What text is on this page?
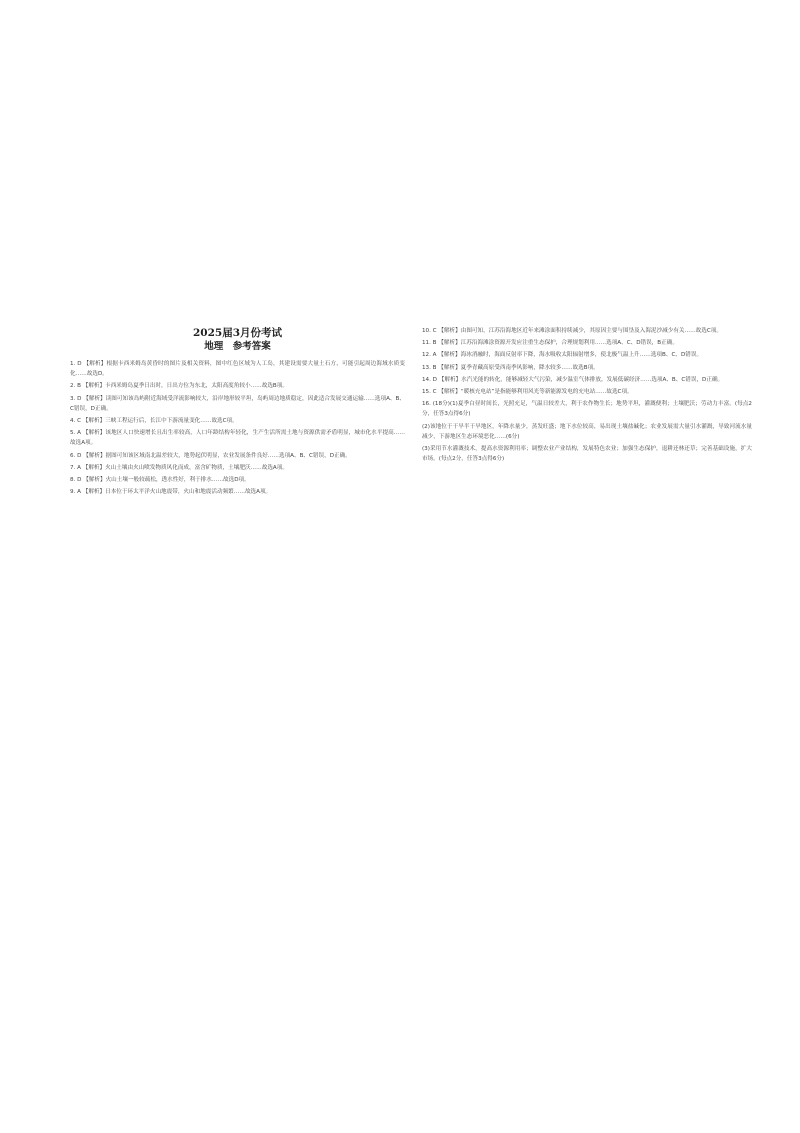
2025届3月份考试
地理　参考答案
1. D 【解析】根据卡西米姆岛黄昏时的图片及相关资料，图中红色区域为人工岛，其建设需要大量土石方，可能引起周边海域水质变化……故选D。
2. B 【解析】卡西米姆岛夏季日出时，日出方位为东北，太阳高度角较小……故选B项。
3. D 【解析】读图可知该岛屿附近海域受洋流影响较大，沿岸地形较平坦，岛屿周边地质稳定，因此适合发展交通运输……选项A、B、C错误，D正确。
4. C 【解析】三峡工程运行后，长江中下游流量变化……故选C项。
5. A 【解析】该地区人口快速增长且出生率较高，人口年龄结构年轻化，生产生活所需土地与资源供需矛盾明显，城市化水平提高……故选A项。
6. D 【解析】据图可知该区域南北温差较大，地势起伏明显，农业发展条件良好……选项A、B、C错误，D正确。
7. A 【解析】火山土壤由火山喷发物质风化而成，富含矿物质，土壤肥沃……故选A项。
8. D 【解析】火山土壤一般较疏松，透水性好，利于排水……故选D项。
9. A 【解析】日本位于环太平洋火山地震带，火山和地震活动频繁……故选A项。
10. C 【解析】由图可知，江苏沿海地区近年来滩涂面积持续减少，其原因主要与围垦及入海泥沙减少有关……故选C项。
11. B 【解析】江苏沿海滩涂资源开发应注重生态保护，合理规划利用……选项A、C、D错误，B正确。
12. A 【解析】海冰消融时，海面反射率下降，海水吸收太阳辐射增多，使北极气温上升……选项B、C、D错误。
13. B 【解析】夏季青藏高原受西南季风影响，降水较多……故选B项。
14. D 【解析】水汽光能的转化，能够减轻大气污染，减少温室气体排放，发展低碳经济……选项A、B、C错误，D正确。
15. C 【解析】“暖核充电站”是指能够利用风光等新能源发电的充电站……故选C项。
16. (18分)(1)夏季白昼时间长，光照充足，气温日较差大，利于农作物生长；地势平坦，灌溉便利；土壤肥沃；劳动力丰富。(每点2分，任答3点得6分)
(2)该地位于干旱半干旱地区，年降水量少，蒸发旺盛；地下水位较高，易出现土壤盐碱化；农业发展需大量引水灌溉，导致河流水量减少，下游地区生态环境恶化……(6分)
(3)采用节水灌溉技术，提高水资源利用率；调整农业产业结构，发展特色农业；加强生态保护，退耕还林还草；完善基础设施，扩大市场。(每点2分，任答3点得6分)
